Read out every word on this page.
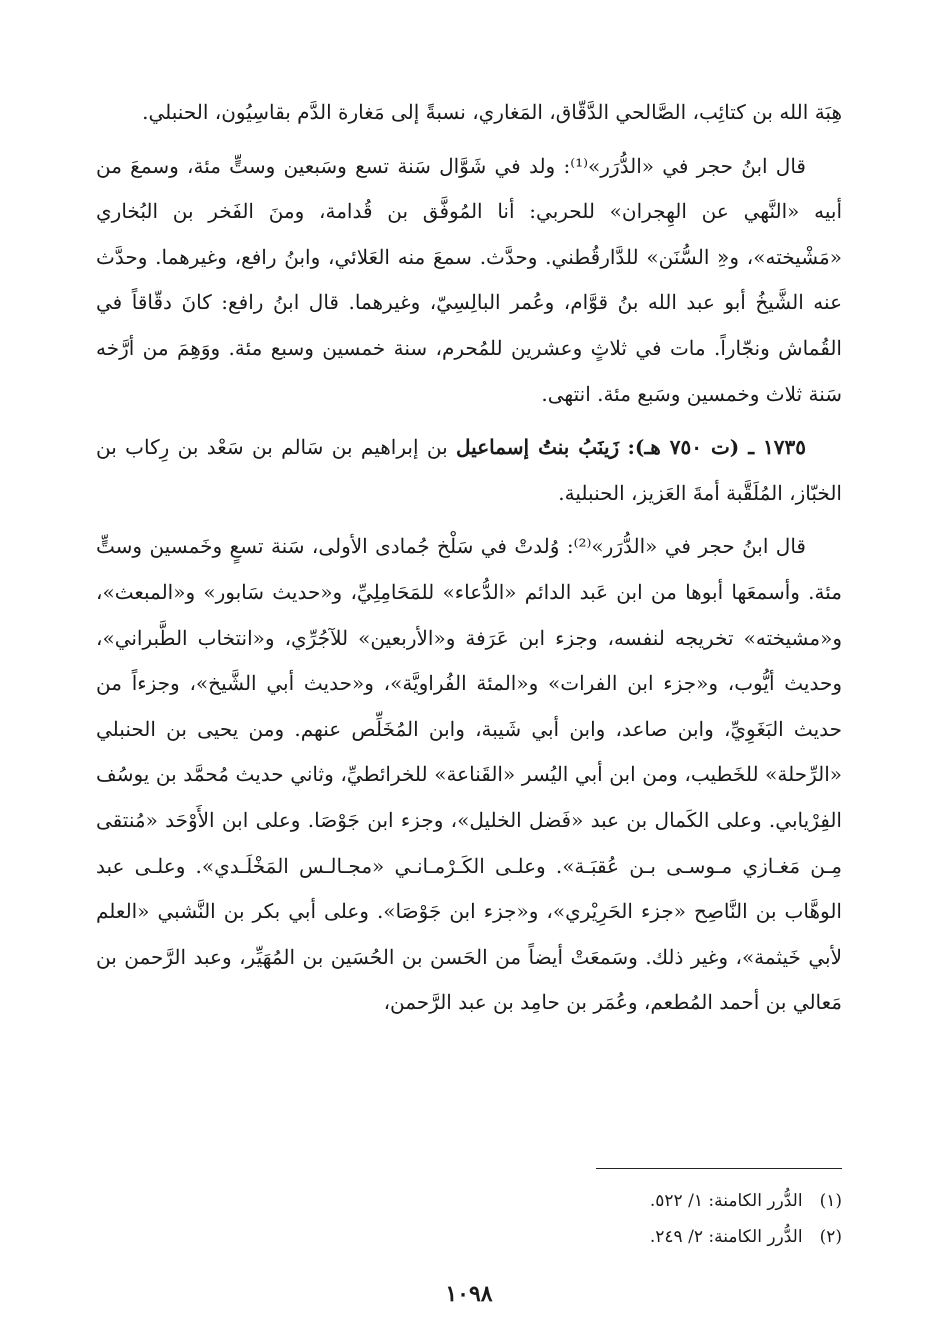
هِبَة الله بن كتائِب، الصَّالحي الدَّقّاق، المَغاري، نسبةً إلى مَغارة الدَّم بقاسِيُون، الحنبلي.

قال ابنُ حجر في «الدُّرَر»⁽¹⁾: ولد في شَوَّال سَنة تسع وسَبعين وستٍّ مئة، وسمعَ من أبيه «النَّهي عن الهِجران» للحربي: أنا المُوفَّق بن قُدامة، ومنَ الفَخر بن البُخاري «مَشْيخته»، و«ِ السُّنَن» للدَّارقُطني. وحدَّث. سمعَ منه العَلائي، وابنُ رافع، وغيرهما. وحدَّث عنه الشَّيخُ أبو عبد الله بنُ قوَّام، وعُمر البالِسِيّ، وغيرهما. قال ابنُ رافع: كانَ دقّاقاً في القُماش ونجّاراً. مات في ثلاثٍ وعشرين للمُحرم، سنة خمسين وسبع مئة. ووَهِمَ من أرَّخه سَنة ثلاث وخمسين وسَبع مئة. انتهى.

١٧٣٥ ـ (ت ٧٥٠ هـ): زَينَبُ بنتُ إسماعيل بن إبراهيم بن سَالم بن سَعْد بن رِكاب بن الخبّاز، المُلَقَّبة أمةَ العَزيز، الحنبلية.

قال ابنُ حجر في «الدُّرَر»⁽²⁾: وُلدتْ في سَلْخ جُمادى الأولى، سَنة تسعٍ وخَمسين وستٍّ مئة. وأسمعَها أبوها من ابن عَبد الدائم «الدُّعاء» للمَحَامِلِيِّ، و«حديث سَابور» و«المبعث»، و«مشيخته» تخريجه لنفسه، وجزء ابن عَرَفة و«الأربعين» للآجُرِّي، و«انتخاب الطَّبراني»، وحديث أيُّوب، و«جزء ابن الفرات» و«المئة الفُراويَّة»، و«حديث أبي الشَّيخ»، وجزءاً من حديث البَغَوِيِّ، وابن صاعد، وابن أبي شَيبة، وابن المُخَلِّص عنهم. ومن يحيى بن الحنبلي «الرِّحلة» للخَطيب، ومن ابن أبي اليُسر «القَناعة» للخرائطيِّ، وثاني حديث مُحمَّد بن يوسُف الفِرْيابي. وعلى الكَمال بن عبد «فَضل الخليل»، وجزء ابن جَوْصَا. وعلى ابن الأَوْحَد «مُنتقى مِـن مَغـازي مـوسـى بـن عُقبَـة». وعلـى الكَـرْمـانـي «مجـالـس المَخْلَـدي». وعلـى عبد الوهَّاب بن النَّاصِح «جزء الحَرِيْري»، و«جزء ابن جَوْصَا». وعلى أبي بكر بن النَّشبي «العلم لأبي خَيثمة»، وغير ذلك. وسَمعَتْ أيضاً من الحَسن بن الحُسَين بن المُهَيِّر، وعبد الرَّحمن بن مَعالي بن أحمد المُطعم، وعُمَر بن حامِد بن عبد الرَّحمن،

(١) الدُّرر الكامنة: ١/ ٥٢٢.

(٢) الدُّرر الكامنة: ٢/ ٢٤٩.

١٠٩٨
